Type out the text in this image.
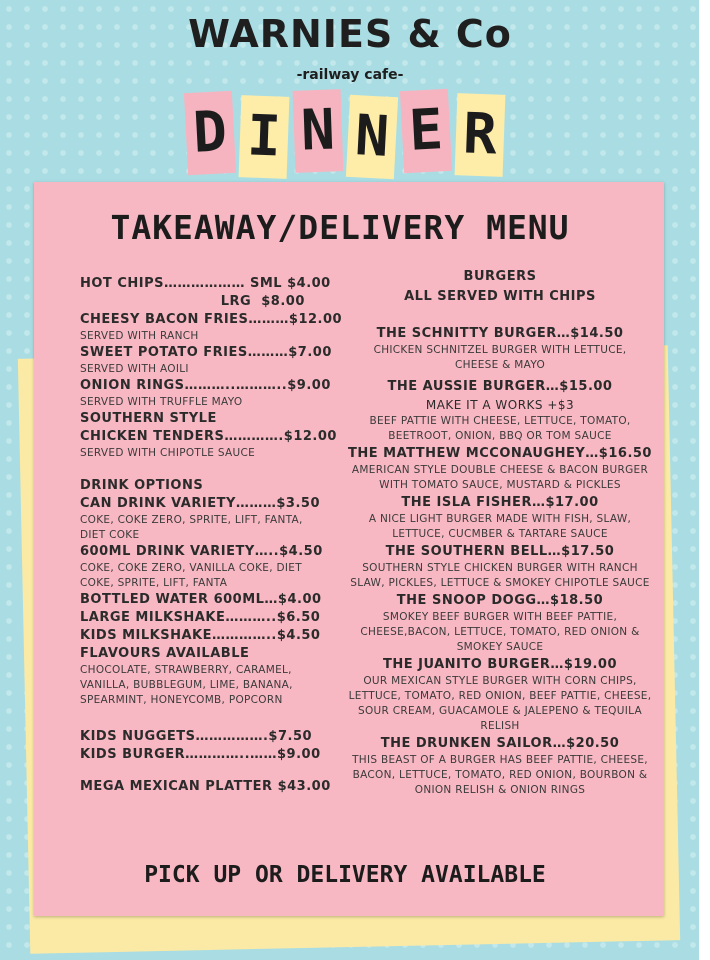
WARNIES & Co
-railway cafe-
D I N N E R
TAKEAWAY/DELIVERY MENU
HOT CHIPS……………… SML $4.00
LRG  $8.00
CHEESY BACON FRIES………$12.00
SERVED WITH RANCH
SWEET POTATO FRIES………$7.00
SERVED WITH AOILI
ONION RINGS………..………..$9.00
SERVED WITH TRUFFLE MAYO
SOUTHERN STYLE
CHICKEN TENDERS………….$12.00
SERVED WITH CHIPOTLE SAUCE
DRINK OPTIONS
CAN DRINK VARIETY………$3.50
COKE, COKE ZERO, SPRITE, LIFT, FANTA, DIET COKE
600ML DRINK VARIETY…..$4.50
COKE, COKE ZERO, VANILLA COKE, DIET COKE, SPRITE, LIFT, FANTA
BOTTLED WATER 600ML…$4.00
LARGE MILKSHAKE………..$6.50
KIDS MILKSHAKE…………..$4.50
FLAVOURS AVAILABLE
CHOCOLATE, STRAWBERRY, CARAMEL, VANILLA, BUBBLEGUM, LIME, BANANA, SPEARMINT, HONEYCOMB, POPCORN
KIDS NUGGETS…………….$7.50
KIDS BURGER…………..……$9.00
MEGA MEXICAN PLATTER $43.00
BURGERS
ALL SERVED WITH CHIPS
THE SCHNITTY BURGER…$14.50
CHICKEN SCHNITZEL BURGER WITH LETTUCE, CHEESE & MAYO
THE AUSSIE BURGER…$15.00
MAKE IT A WORKS +$3
BEEF PATTIE WITH CHEESE, LETTUCE, TOMATO, BEETROOT, ONION, BBQ OR TOM SAUCE
THE MATTHEW MCCONAUGHEY…$16.50
AMERICAN STYLE DOUBLE CHEESE & BACON BURGER WITH TOMATO SAUCE, MUSTARD & PICKLES
THE ISLA FISHER…$17.00
A NICE LIGHT BURGER MADE WITH FISH, SLAW, LETTUCE, CUCMBER & TARTARE SAUCE
THE SOUTHERN BELL…$17.50
SOUTHERN STYLE CHICKEN BURGER WITH RANCH SLAW, PICKLES, LETTUCE & SMOKEY CHIPOTLE SAUCE
THE SNOOP DOGG…$18.50
SMOKEY BEEF BURGER WITH BEEF PATTIE, CHEESE,BACON, LETTUCE, TOMATO, RED ONION & SMOKEY SAUCE
THE JUANITO BURGER…$19.00
OUR MEXICAN STYLE BURGER WITH CORN CHIPS, LETTUCE, TOMATO, RED ONION, BEEF PATTIE, CHEESE, SOUR CREAM, GUACAMOLE & JALEPENO & TEQUILA RELISH
THE DRUNKEN SAILOR…$20.50
THIS BEAST OF A BURGER HAS BEEF PATTIE, CHEESE, BACON, LETTUCE, TOMATO, RED ONION, BOURBON & ONION RELISH & ONION RINGS
PICK UP OR DELIVERY AVAILABLE
